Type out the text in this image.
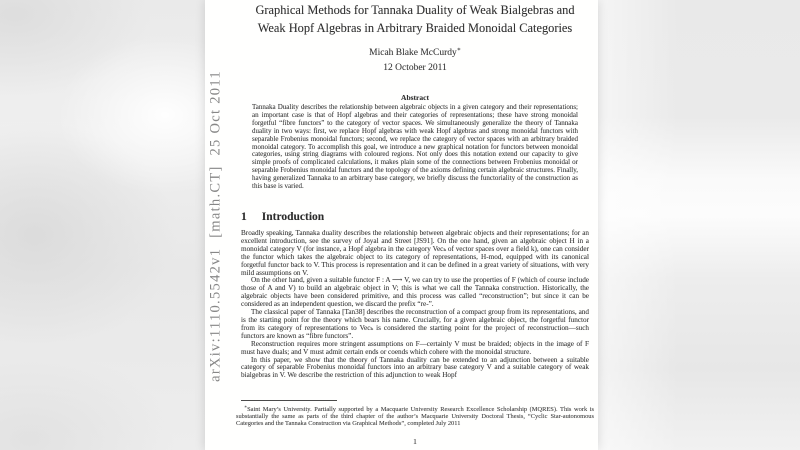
Graphical Methods for Tannaka Duality of Weak Bialgebras and
Weak Hopf Algebras in Arbitrary Braided Monoidal Categories
Micah Blake McCurdy∗
12 October 2011
Abstract
Tannaka Duality describes the relationship between algebraic objects in a given category and their representations; an important case is that of Hopf algebras and their categories of representations; these have strong monoidal forgetful “fibre functors” to the category of vector spaces. We simultaneously generalize the theory of Tannaka duality in two ways: first, we replace Hopf algebras with weak Hopf algebras and strong monoidal functors with separable Frobenius monoidal functors; second, we replace the category of vector spaces with an arbitrary braided monoidal category. To accomplish this goal, we introduce a new graphical notation for functors between monoidal categories, using string diagrams with coloured regions. Not only does this notation extend our capacity to give simple proofs of complicated calculations, it makes plain some of the connections between Frobenius monoidal or separable Frobenius monoidal functors and the topology of the axioms defining certain algebraic structures. Finally, having generalized Tannaka to an arbitrary base category, we briefly discuss the functoriality of the construction as this base is varied.
1 Introduction

Broadly speaking, Tannaka duality describes the relationship between algebraic objects and their representations; for an excellent introduction, see the survey of Joyal and Street [JS91]. On the one hand, given an algebraic object H in a monoidal category V (for instance, a Hopf algebra in the category Vecₖ of vector spaces over a field k), one can consider the functor which takes the algebraic object to its category of representations, H-mod, equipped with its canonical forgetful functor back to V. This process is representation and it can be defined in a great variety of situations, with very mild assumptions on V.

On the other hand, given a suitable functor F : A ⟶ V, we can try to use the properties of F (which of course include those of A and V) to build an algebraic object in V; this is what we call the Tannaka construction. Historically, the algebraic objects have been considered primitive, and this process was called “reconstruction”; but since it can be considered as an independent question, we discard the prefix “re-”.

The classical paper of Tannaka [Tan38] describes the reconstruction of a compact group from its representations, and is the starting point for the theory which bears his name. Crucially, for a given algebraic object, the forgetful functor from its category of representations to Vecₖ is considered the starting point for the project of reconstruction—such functors are known as “fibre functors”.

Reconstruction requires more stringent assumptions on F—certainly V must be braided; objects in the image of F must have duals; and V must admit certain ends or coends which cohere with the monoidal structure.

In this paper, we show that the theory of Tannaka duality can be extended to an adjunction between a suitable category of separable Frobenius monoidal functors into an arbitrary base category V and a suitable category of weak bialgebras in V. We describe the restriction of this adjunction to weak Hopf

∗Saint Mary’s University. Partially supported by a Macquarie University Research Excellence Scholarship (MQRES). This work is substantially the same as parts of the third chapter of the author’s Macquarie University Doctoral Thesis, “Cyclic Star-autonomous Categories and the Tannaka Construction via Graphical Methods”, completed July 2011
1
arXiv:1110.5542v1  [math.CT]  25 Oct 2011
